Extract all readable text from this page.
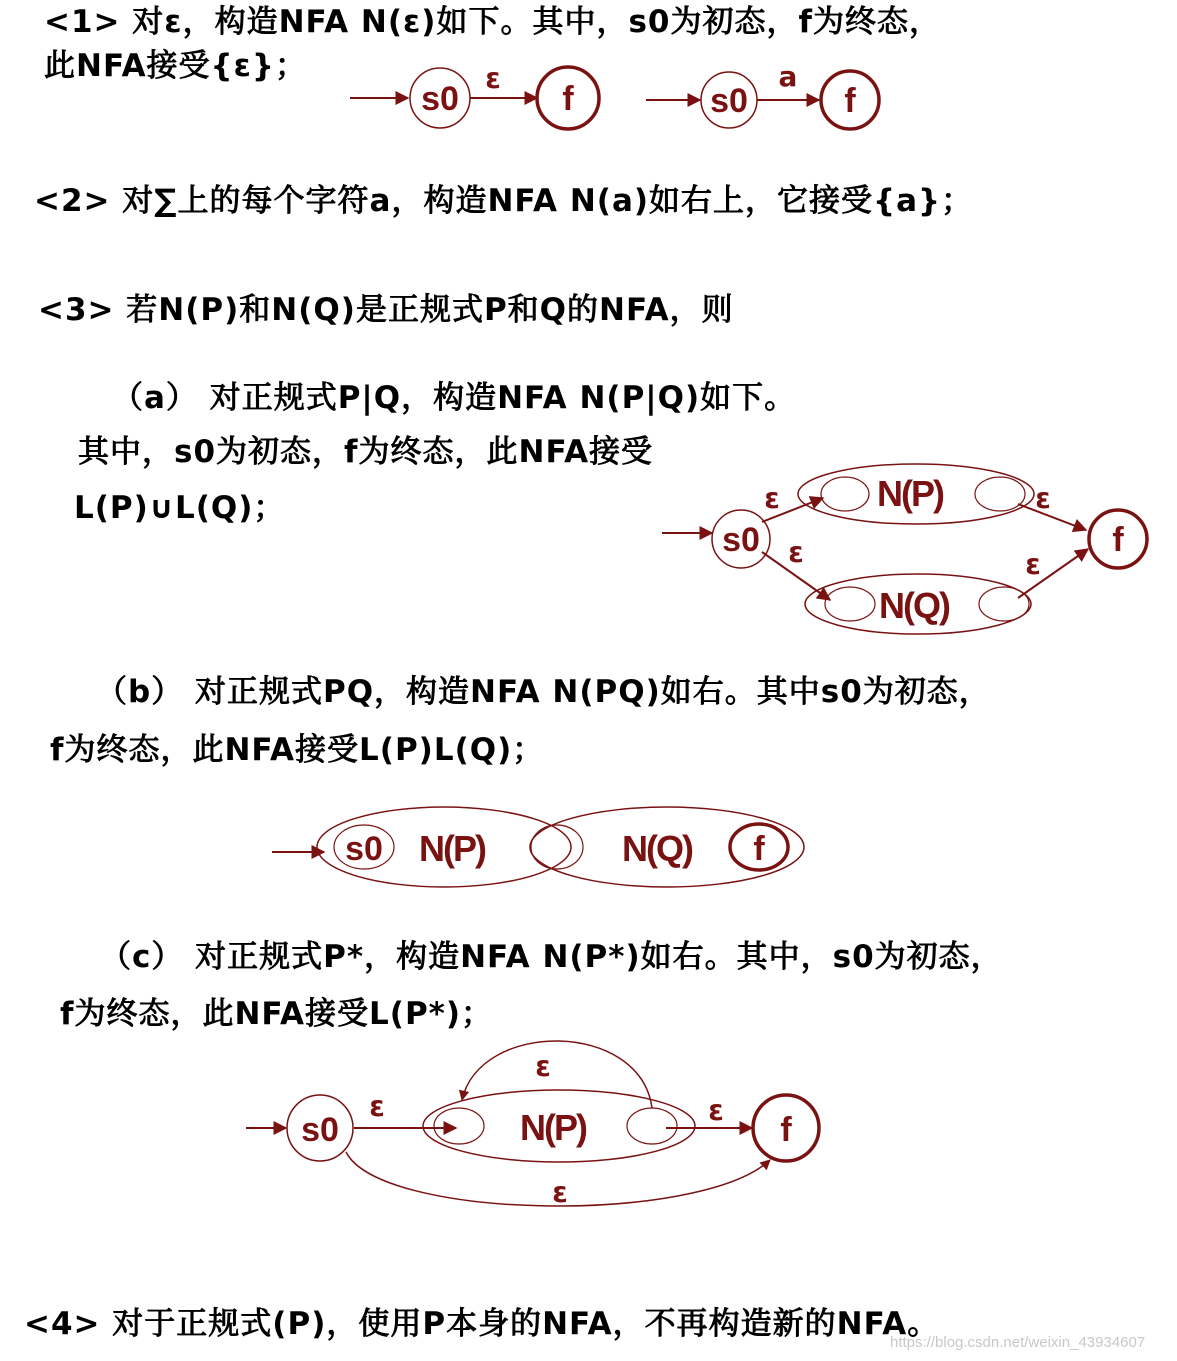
<1> 对ε，构造NFA N(ε)如下。其中，s0为初态，f为终态，
此NFA接受{ε}；
<2> 对∑上的每个字符a，构造NFA N(a)如右上，它接受{a}；
<3> 若N(P)和N(Q)是正规式P和Q的NFA，则
（a） 对正规式P|Q，构造NFA N(P|Q)如下。
其中，s0为初态，f为终态，此NFA接受
L(P)∪L(Q)；
（b） 对正规式PQ，构造NFA N(PQ)如右。其中s0为初态，
f为终态，此NFA接受L(P)L(Q)；
（c） 对正规式P*，构造NFA N(P*)如右。其中，s0为初态，
f为终态，此NFA接受L(P*)；
<4> 对于正规式(P)，使用P本身的NFA，不再构造新的NFA。
https://blog.csdn.net/weixin_43934607
s0
ε
f	s0
a
f
s0
N(P)
N(Q)
ε
ε
ε
ε
f
s0 N(P)	N(Q) f
s0	N(P)
ε
ε
ε
ε
f
